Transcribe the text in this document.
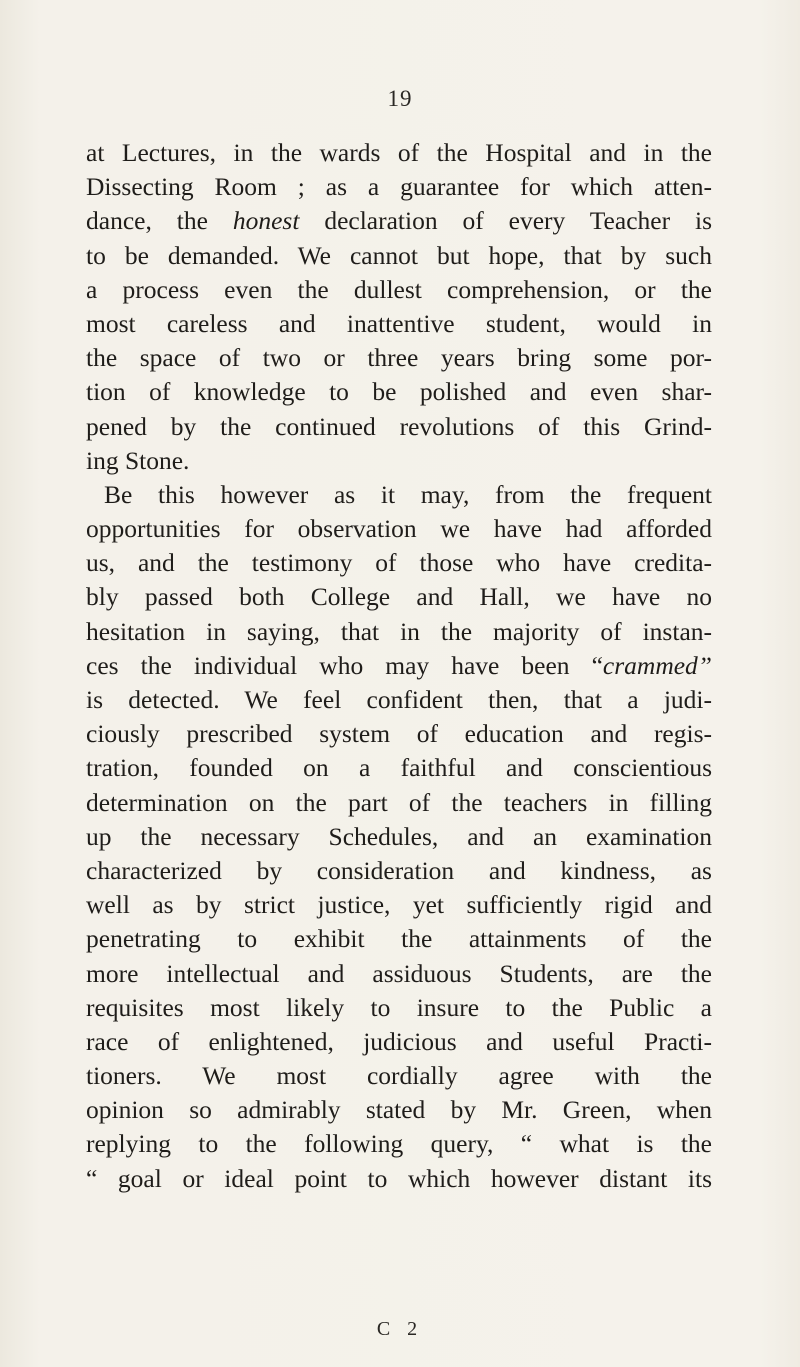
19
at Lectures, in the wards of the Hospital and in the
Dissecting Room ; as a guarantee for which atten-
dance, the honest declaration of every Teacher is
to be demanded. We cannot but hope, that by such
a process even the dullest comprehension, or the
most careless and inattentive student, would in
the space of two or three years bring some por-
tion of knowledge to be polished and even shar-
pened by the continued revolutions of this Grind-
ing Stone.
Be this however as it may, from the frequent
opportunities for observation we have had afforded
us, and the testimony of those who have credita-
bly passed both College and Hall, we have no
hesitation in saying, that in the majority of instan-
ces the individual who may have been “crammed”
is detected. We feel confident then, that a judi-
ciously prescribed system of education and regis-
tration, founded on a faithful and conscientious
determination on the part of the teachers in filling
up the necessary Schedules, and an examination
characterized by consideration and kindness, as
well as by strict justice, yet sufficiently rigid and
penetrating to exhibit the attainments of the
more intellectual and assiduous Students, are the
requisites most likely to insure to the Public a
race of enlightened, judicious and useful Practi-
tioners. We most cordially agree with the
opinion so admirably stated by Mr. Green, when
replying to the following query, “ what is the
“ goal or ideal point to which however distant its
C 2
